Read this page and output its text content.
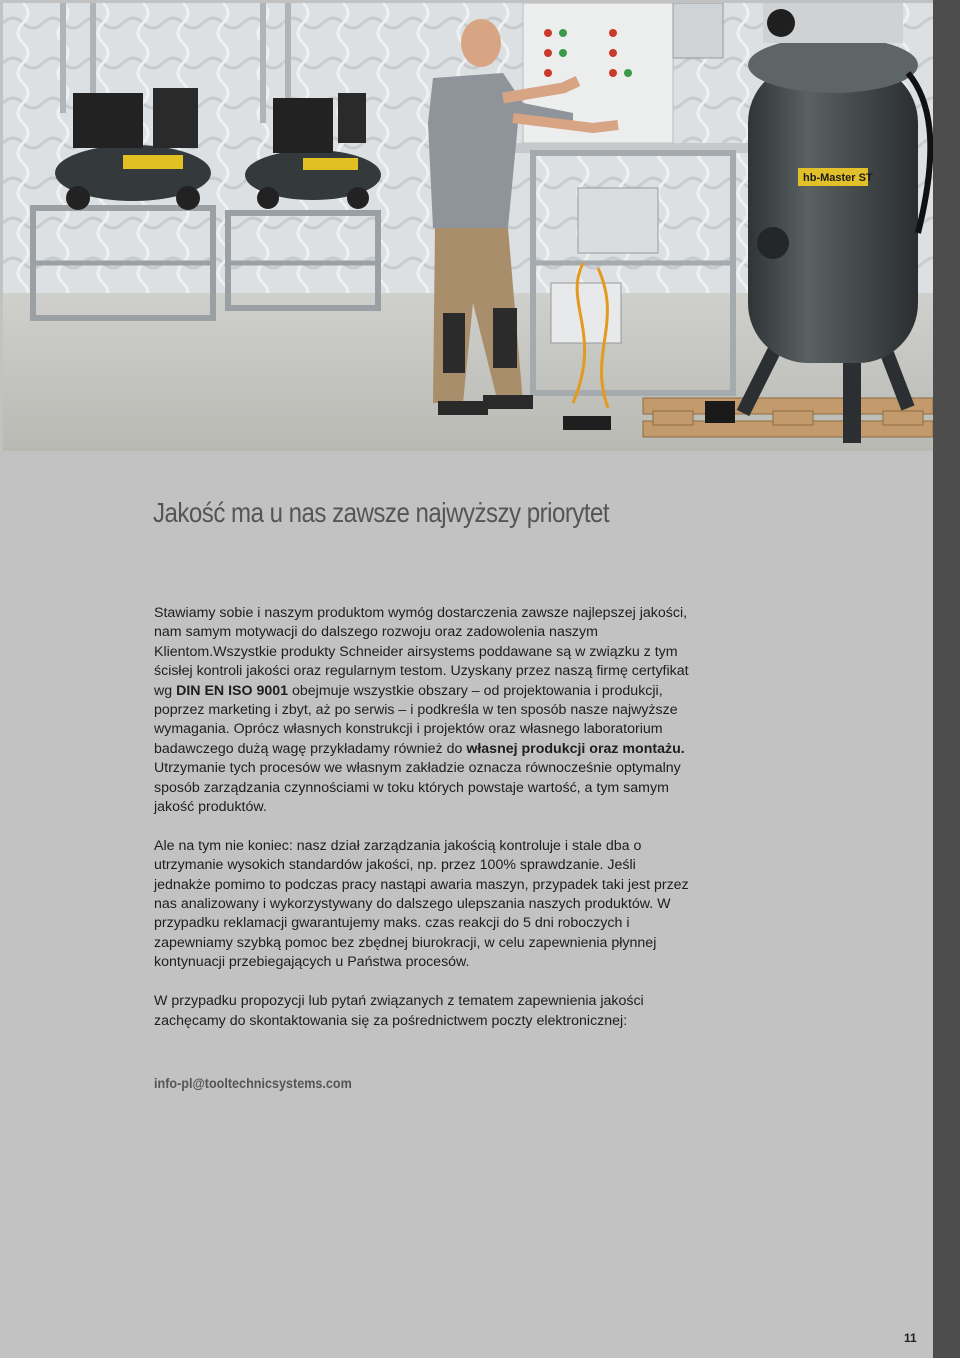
hb-Master ST
Jakość ma u nas zawsze najwyższy priorytet

Stawiamy sobie i naszym produktom wymóg dostarczenia zawsze najlepszej jakości, nam samym motywacji do dalszego rozwoju oraz zadowolenia naszym Klientom.Wszystkie produkty Schneider airsystems poddawane są w związku z tym ścisłej kontroli jakości oraz regularnym testom. Uzyskany przez naszą firmę certyfikat wg DIN EN ISO 9001 obejmuje wszystkie obszary – od projektowania i produkcji, poprzez marketing i zbyt, aż po serwis – i podkreśla w ten sposób nasze najwyższe wymagania. Oprócz własnych konstrukcji i projektów oraz własnego laboratorium badawczego dużą wagę przykładamy również do własnej produkcji oraz montażu. Utrzymanie tych procesów we własnym zakładzie oznacza równocześnie optymalny sposób zarządzania czynnościami w toku których powstaje wartość, a tym samym jakość produktów.

Ale na tym nie koniec: nasz dział zarządzania jakością kontroluje i stale dba o utrzymanie wysokich standardów jakości, np. przez 100% sprawdzanie. Jeśli jednakże pomimo to podczas pracy nastąpi awaria maszyn, przypadek taki jest przez nas analizowany i wykorzystywany do dalszego ulepszania naszych produktów. W przypadku reklamacji gwarantujemy maks. czas reakcji do 5 dni roboczych i zapewniamy szybką pomoc bez zbędnej biurokracji, w celu zapewnienia płynnej kontynuacji przebiegających u Państwa procesów.

W przypadku propozycji lub pytań związanych z tematem zapewnienia jakości zachęcamy do skontaktowania się za pośrednictwem poczty elektronicznej:

info-pl@tooltechnicsystems.com
11
